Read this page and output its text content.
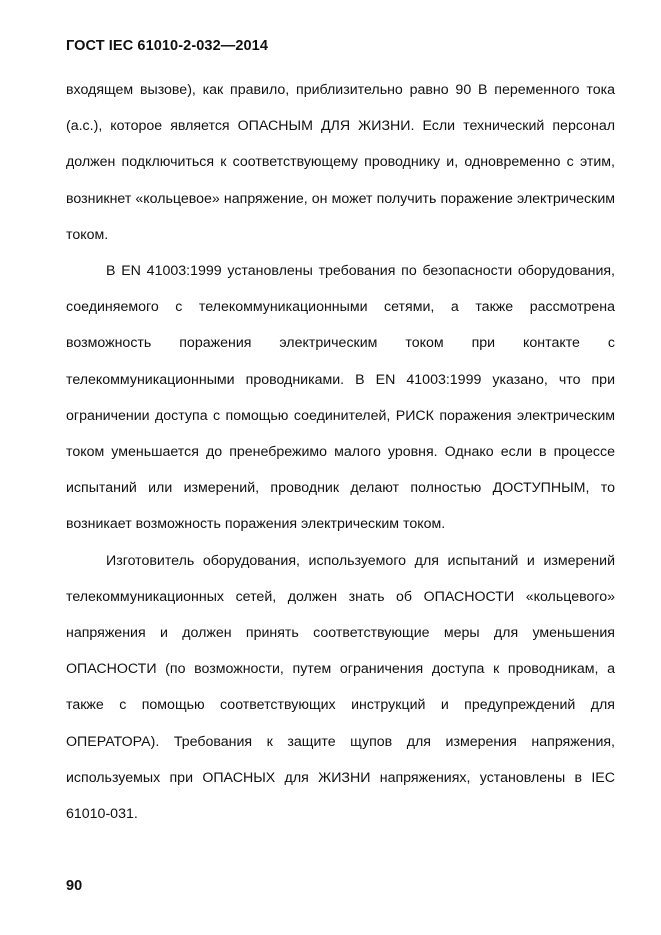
ГОСТ IEC 61010-2-032—2014

входящем вызове), как правило, приблизительно равно 90 В переменного тока (a.c.), которое является ОПАСНЫМ ДЛЯ ЖИЗНИ. Если технический персонал должен подключиться к соответствующему проводнику и, одновременно с этим, возникнет «кольцевое» напряжение, он может получить поражение электрическим током.

В EN 41003:1999 установлены требования по безопасности оборудования, соединяемого с телекоммуникационными сетями, а также рассмотрена возможность поражения электрическим током при контакте с телекоммуникационными проводниками. В EN 41003:1999 указано, что при ограничении доступа с помощью соединителей, РИСК поражения электрическим током уменьшается до пренебрежимо малого уровня. Однако если в процессе испытаний или измерений, проводник делают полностью ДОСТУПНЫМ, то возникает возможность поражения электрическим током.

Изготовитель оборудования, используемого для испытаний и измерений телекоммуникационных сетей, должен знать об ОПАСНОСТИ «кольцевого» напряжения и должен принять соответствующие меры для уменьшения ОПАСНОСТИ (по возможности, путем ограничения доступа к проводникам, а также с помощью соответствующих инструкций и предупреждений для ОПЕРАТОРА). Требования к защите щупов для измерения напряжения, используемых при ОПАСНЫХ для ЖИЗНИ напряжениях, установлены в IEC 61010-031.

90
